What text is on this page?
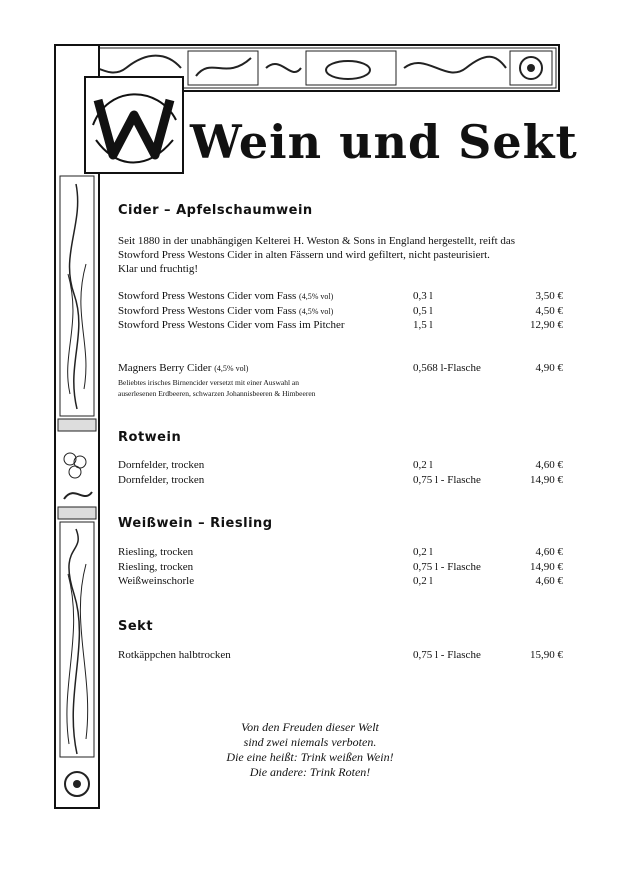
Wein und Sekt
Cider – Apfelschaumwein
Seit 1880 in der unabhängigen Kelterei H. Weston & Sons in England hergestellt, reift das
Stowford Press Westons Cider in alten Fässern und wird gefiltert, nicht pasteurisiert.
Klar und fruchtig!
Stowford Press Westons Cider vom Fass (4,5% vol)	0,3 l	3,50 €
Stowford Press Westons Cider vom Fass (4,5% vol)	0,5 l	4,50 €
Stowford Press Westons Cider vom Fass im Pitcher	1,5 l	12,90 €
Magners Berry Cider (4,5% vol)	0,568 l-Flasche	4,90 €
Beliebtes irisches Birnencider versetzt mit einer Auswahl an
auserlesenen Erdbeeren, schwarzen Johannisbeeren & Himbeeren
Rotwein
Dornfelder, trocken	0,2 l	4,60 €
Dornfelder, trocken	0,75 l - Flasche	14,90 €
Weißwein – Riesling
Riesling, trocken	0,2 l	4,60 €
Riesling, trocken	0,75 l - Flasche	14,90 €
Weißweinschorle	0,2 l	4,60 €
Sekt
Rotkäppchen halbtrocken	0,75 l - Flasche	15,90 €
Von den Freuden dieser Welt
sind zwei niemals verboten.
Die eine heißt: Trink weißen Wein!
Die andere: Trink Roten!
